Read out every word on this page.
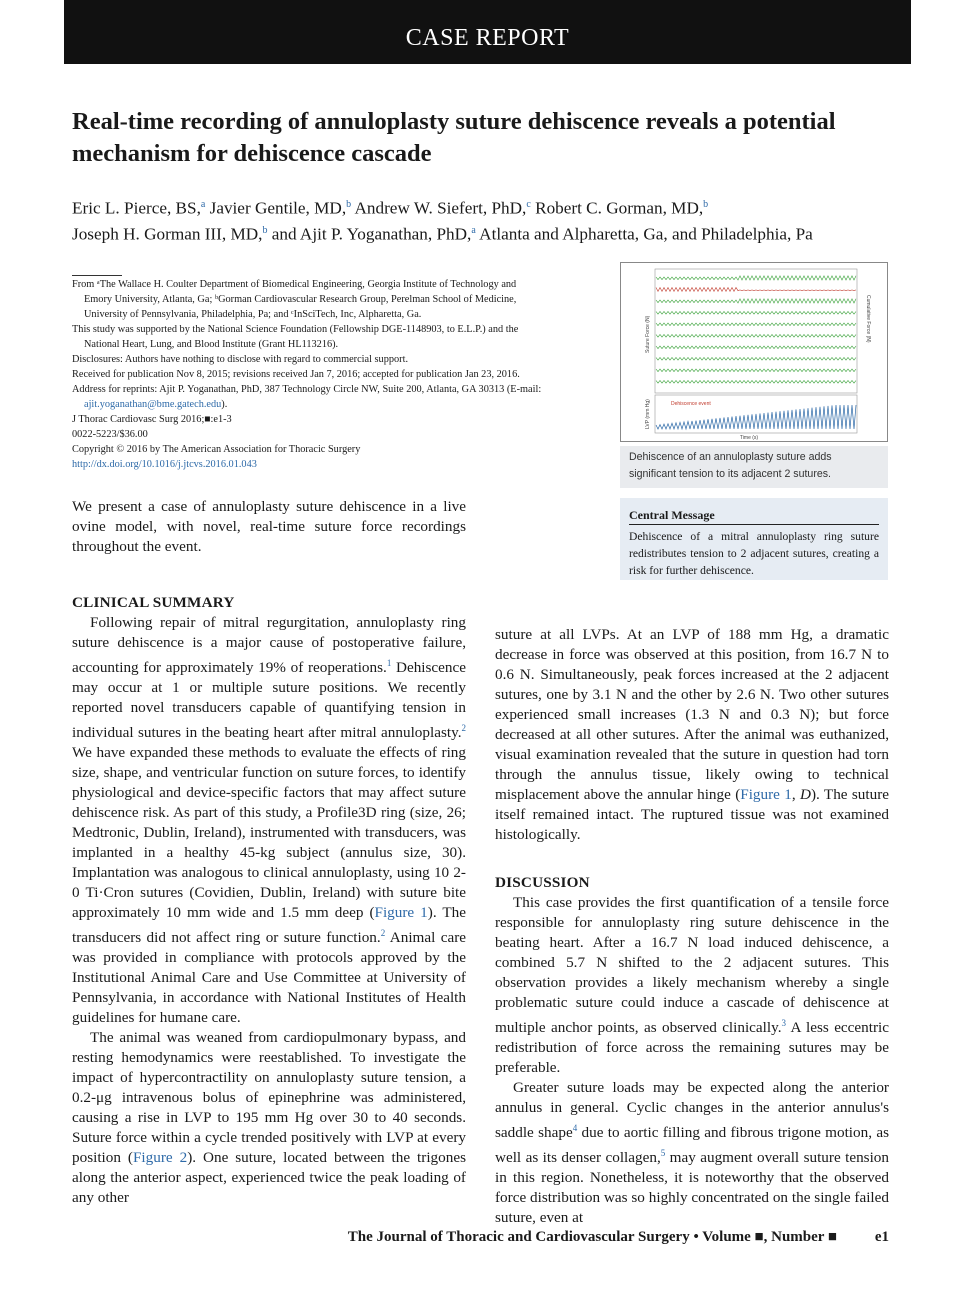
CASE REPORT
Real-time recording of annuloplasty suture dehiscence reveals a potential mechanism for dehiscence cascade
Eric L. Pierce, BS,$^a$ Javier Gentile, MD,$^b$ Andrew W. Siefert, PhD,$^c$ Robert C. Gorman, MD,$^b$
Joseph H. Gorman III, MD,$^b$ and Ajit P. Yoganathan, PhD,$^a$ Atlanta and Alpharetta, Ga, and Philadelphia, Pa

From ᵃThe Wallace H. Coulter Department of Biomedical Engineering, Georgia Institute of Technology and

Emory University, Atlanta, Ga; ᵇGorman Cardiovascular Research Group, Perelman School of Medicine,

University of Pennsylvania, Philadelphia, Pa; and ᶜInSciTech, Inc, Alpharetta, Ga.

This study was supported by the National Science Foundation (Fellowship DGE-1148903, to E.L.P.) and the

National Heart, Lung, and Blood Institute (Grant HL113216).

Disclosures: Authors have nothing to disclose with regard to commercial support.

Received for publication Nov 8, 2015; revisions received Jan 7, 2016; accepted for publication Jan 23, 2016.

Address for reprints: Ajit P. Yoganathan, PhD, 387 Technology Circle NW, Suite 200, Atlanta, GA 30313 (E-mail:

ajit.yoganathan@bme.gatech.edu).

J Thorac Cardiovasc Surg 2016;■:e1-3

0022-5223/$36.00

Copyright © 2016 by The American Association for Thoracic Surgery

http://dx.doi.org/10.1016/j.jtcvs.2016.01.043

Dehiscence event
Time (s)
Suture Force (N)	Cumulative Force (N)
LVP (mm Hg)
Dehiscence of an annuloplasty suture adds significant tension to its adjacent 2 sutures.
Central Message

Dehiscence of a mitral annuloplasty ring suture redistributes tension to 2 adjacent sutures, creating a risk for further dehiscence.

We present a case of annuloplasty suture dehiscence in a live ovine model, with novel, real-time suture force recordings throughout the event.

CLINICAL SUMMARY

Following repair of mitral regurgitation, annuloplasty ring suture dehiscence is a major cause of postoperative failure, accounting for approximately 19% of reoperations.$^1$ Dehiscence may occur at 1 or multiple suture positions. We recently reported novel transducers capable of quantifying tension in individual sutures in the beating heart after mitral annuloplasty.$^2$ We have expanded these methods to evaluate the effects of ring size, shape, and ventricular function on suture forces, to identify physiological and device-specific factors that may affect suture dehiscence risk. As part of this study, a Profile3D ring (size, 26; Medtronic, Dublin, Ireland), instrumented with transducers, was implanted in a healthy 45-kg subject (annulus size, 30). Implantation was analogous to clinical annuloplasty, using 10 2-0 Ti·Cron sutures (Covidien, Dublin, Ireland) with suture bite approximately 10 mm wide and 1.5 mm deep (Figure 1). The transducers did not affect ring or suture function.$^2$ Animal care was provided in compliance with protocols approved by the Institutional Animal Care and Use Committee at University of Pennsylvania, in accordance with National Institutes of Health guidelines for humane care.

The animal was weaned from cardiopulmonary bypass, and resting hemodynamics were reestablished. To investigate the impact of hypercontractility on annuloplasty suture tension, a 0.2-μg intravenous bolus of epinephrine was administered, causing a rise in LVP to 195 mm Hg over 30 to 40 seconds. Suture force within a cycle trended positively with LVP at every position (Figure 2). One suture, located between the trigones along the anterior aspect, experienced twice the peak loading of any other

suture at all LVPs. At an LVP of 188 mm Hg, a dramatic decrease in force was observed at this position, from 16.7 N to 0.6 N. Simultaneously, peak forces increased at the 2 adjacent sutures, one by 3.1 N and the other by 2.6 N. Two other sutures experienced small increases (1.3 N and 0.3 N); but force decreased at all other sutures. After the animal was euthanized, visual examination revealed that the suture in question had torn through the annulus tissue, likely owing to technical misplacement above the annular hinge (Figure 1, D). The suture itself remained intact. The ruptured tissue was not examined histologically.

DISCUSSION

This case provides the first quantification of a tensile force responsible for annuloplasty ring suture dehiscence in the beating heart. After a 16.7 N load induced dehiscence, a combined 5.7 N shifted to the 2 adjacent sutures. This observation provides a likely mechanism whereby a single problematic suture could induce a cascade of dehiscence at multiple anchor points, as observed clinically.$^3$ A less eccentric redistribution of force across the remaining sutures may be preferable.

Greater suture loads may be expected along the anterior annulus in general. Cyclic changes in the anterior annulus's saddle shape$^4$ due to aortic filling and fibrous trigone motion, as well as its denser collagen,$^5$ may augment overall suture tension in this region. Nonetheless, it is noteworthy that the observed force distribution was so highly concentrated on the single failed suture, even at

The Journal of Thoracic and Cardiovascular Surgery • Volume ■, Number ■	e1
